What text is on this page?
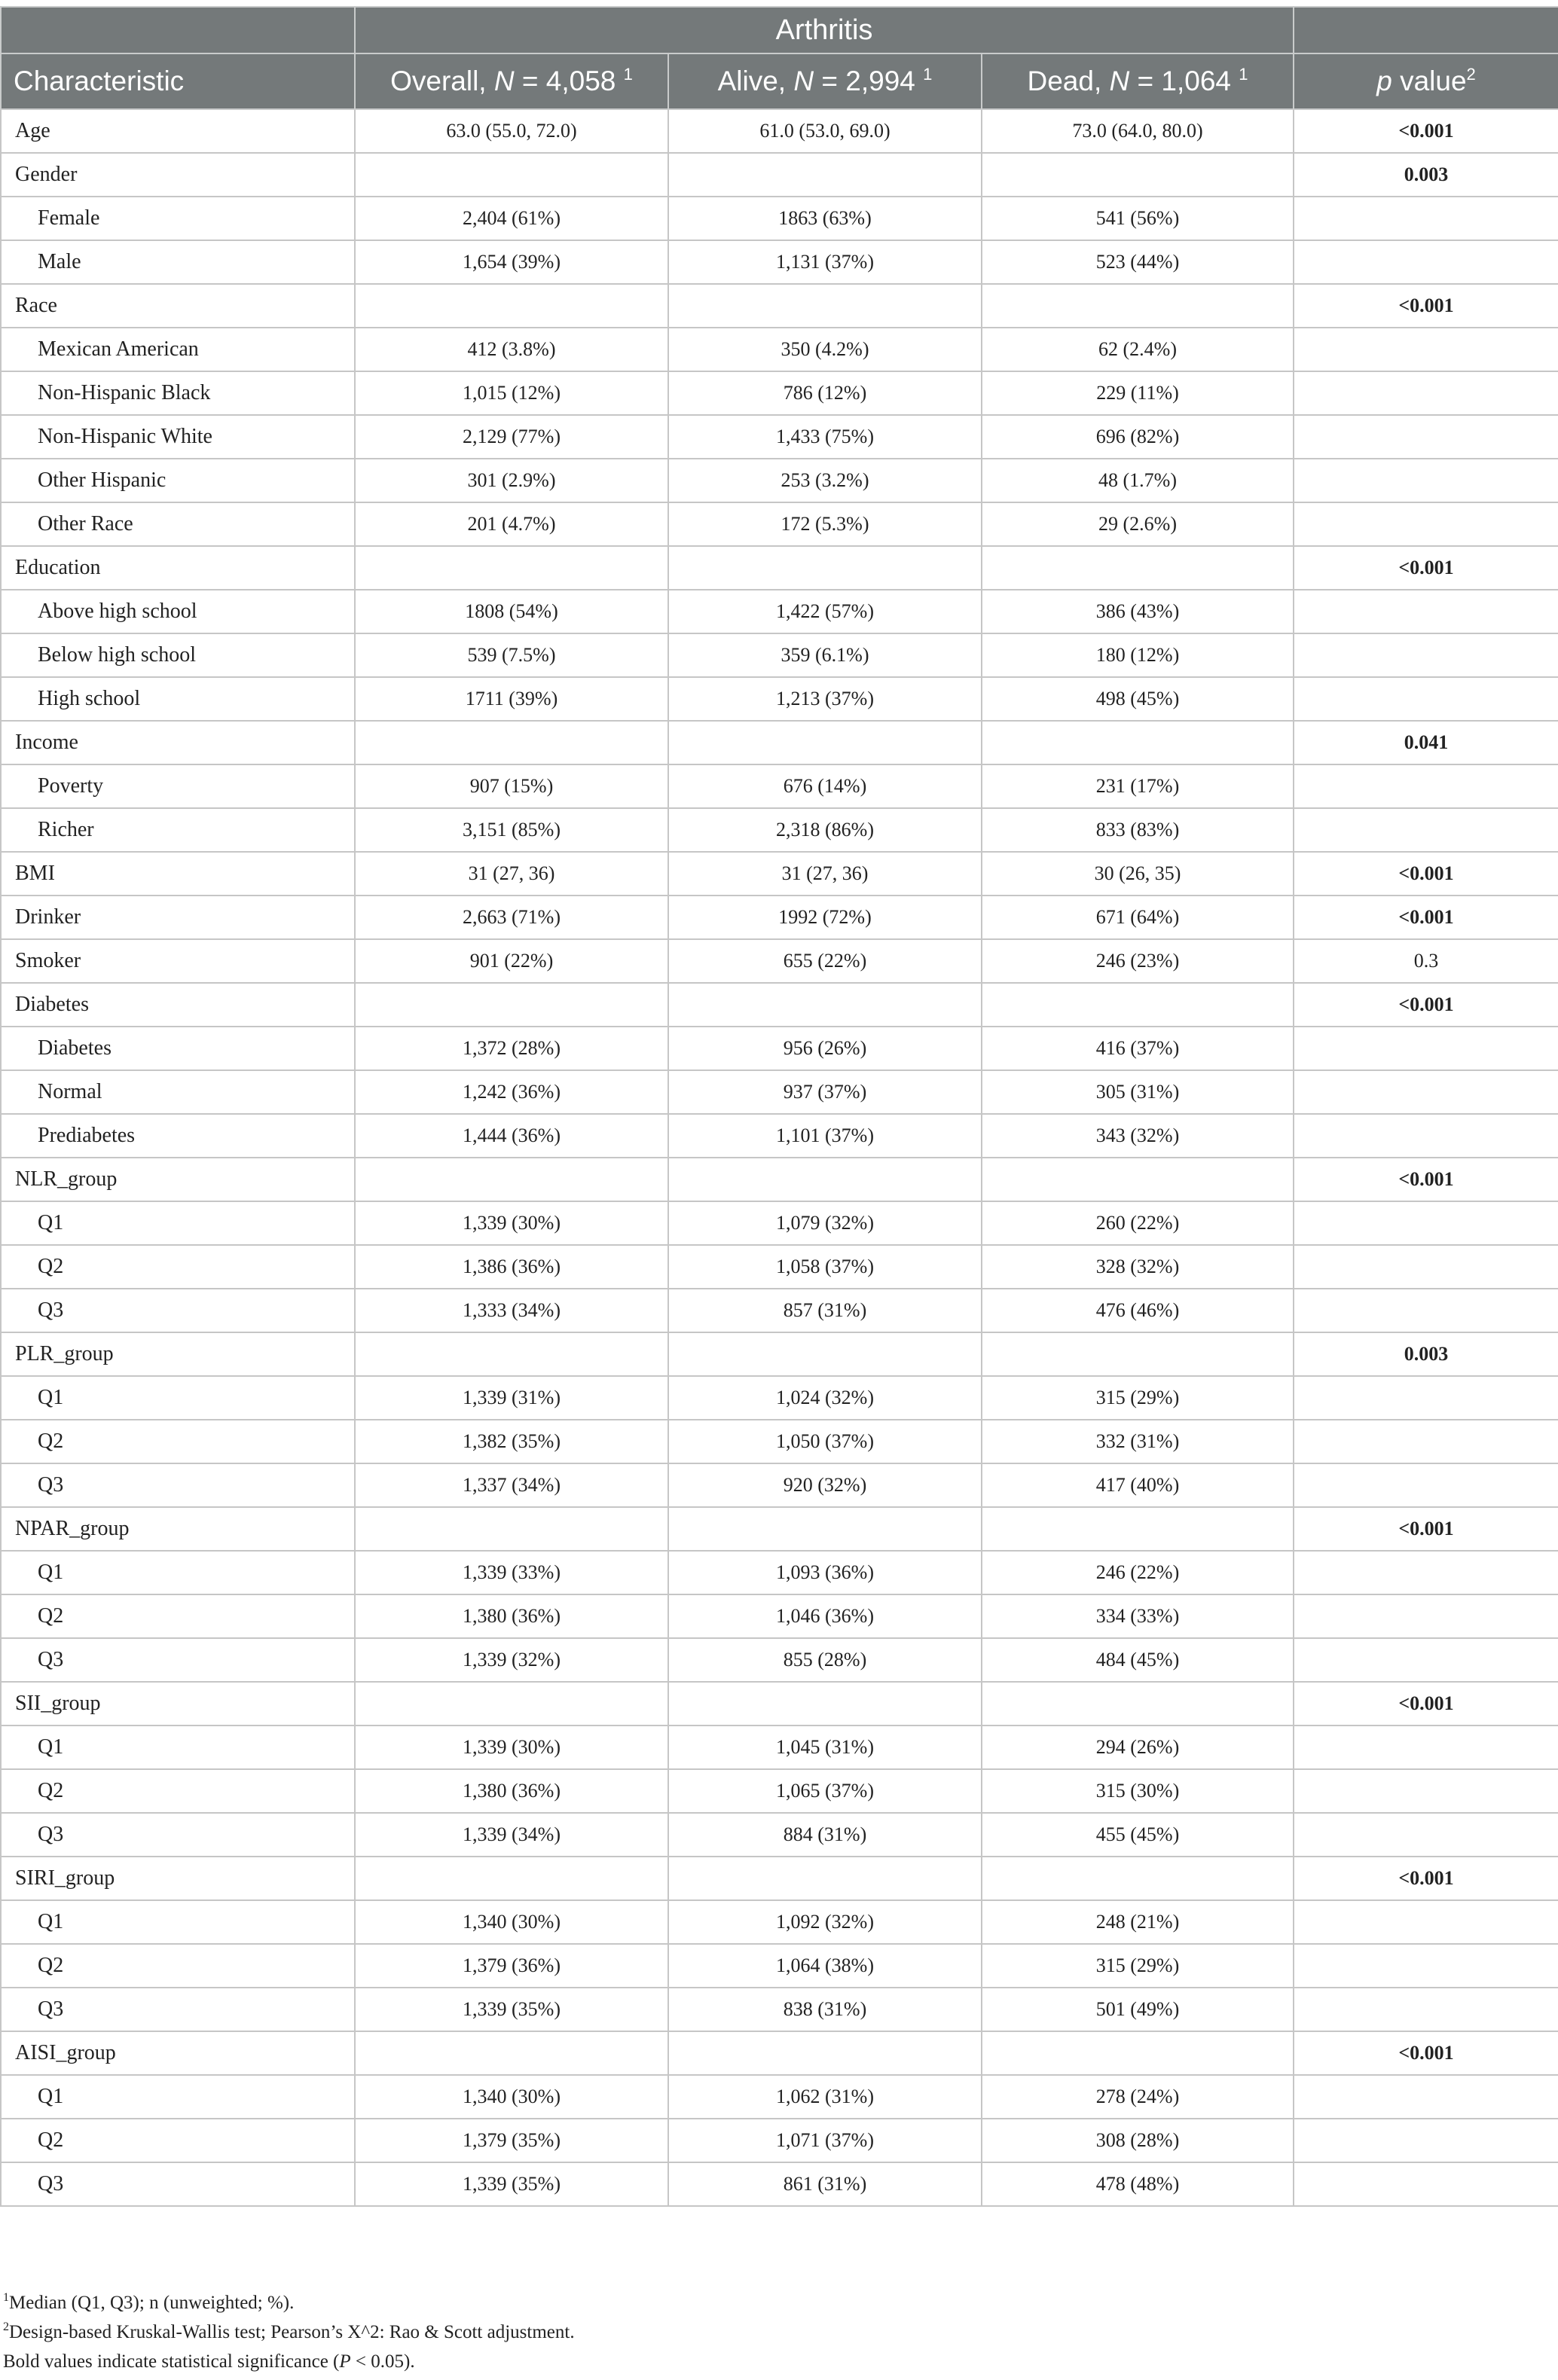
	Arthritis			
Characteristic	Overall, N = 4,058 $^1$	Alive, N = 2,994 $^1$	Dead, N = 1,064 $^1$	p value$^2$
Age	63.0 (55.0, 72.0)	61.0 (53.0, 69.0)	73.0 (64.0, 80.0)	<0.001
Gender				0.003
Female	2,404 (61%)	1863 (63%)	541 (56%)	
Male	1,654 (39%)	1,131 (37%)	523 (44%)	
Race				<0.001
Mexican American	412 (3.8%)	350 (4.2%)	62 (2.4%)	
Non-Hispanic Black	1,015 (12%)	786 (12%)	229 (11%)	
Non-Hispanic White	2,129 (77%)	1,433 (75%)	696 (82%)	
Other Hispanic	301 (2.9%)	253 (3.2%)	48 (1.7%)	
Other Race	201 (4.7%)	172 (5.3%)	29 (2.6%)	
Education				<0.001
Above high school	1808 (54%)	1,422 (57%)	386 (43%)	
Below high school	539 (7.5%)	359 (6.1%)	180 (12%)	
High school	1711 (39%)	1,213 (37%)	498 (45%)	
Income				0.041
Poverty	907 (15%)	676 (14%)	231 (17%)	
Richer	3,151 (85%)	2,318 (86%)	833 (83%)	
BMI	31 (27, 36)	31 (27, 36)	30 (26, 35)	<0.001
Drinker	2,663 (71%)	1992 (72%)	671 (64%)	<0.001
Smoker	901 (22%)	655 (22%)	246 (23%)	0.3
Diabetes				<0.001
Diabetes	1,372 (28%)	956 (26%)	416 (37%)	
Normal	1,242 (36%)	937 (37%)	305 (31%)	
Prediabetes	1,444 (36%)	1,101 (37%)	343 (32%)	
NLR_group				<0.001
Q1	1,339 (30%)	1,079 (32%)	260 (22%)	
Q2	1,386 (36%)	1,058 (37%)	328 (32%)	
Q3	1,333 (34%)	857 (31%)	476 (46%)	
PLR_group				0.003
Q1	1,339 (31%)	1,024 (32%)	315 (29%)	
Q2	1,382 (35%)	1,050 (37%)	332 (31%)	
Q3	1,337 (34%)	920 (32%)	417 (40%)	
NPAR_group				<0.001
Q1	1,339 (33%)	1,093 (36%)	246 (22%)	
Q2	1,380 (36%)	1,046 (36%)	334 (33%)	
Q3	1,339 (32%)	855 (28%)	484 (45%)	
SII_group				<0.001
Q1	1,339 (30%)	1,045 (31%)	294 (26%)	
Q2	1,380 (36%)	1,065 (37%)	315 (30%)	
Q3	1,339 (34%)	884 (31%)	455 (45%)	
SIRI_group				<0.001
Q1	1,340 (30%)	1,092 (32%)	248 (21%)	
Q2	1,379 (36%)	1,064 (38%)	315 (29%)	
Q3	1,339 (35%)	838 (31%)	501 (49%)	
AISI_group				<0.001
Q1	1,340 (30%)	1,062 (31%)	278 (24%)	
Q2	1,379 (35%)	1,071 (37%)	308 (28%)	
Q3	1,339 (35%)	861 (31%)	478 (48%)	
$^1$Median (Q1, Q3); n (unweighted; %).
$^2$Design-based Kruskal-Wallis test; Pearson’s X^2: Rao & Scott adjustment.
Bold values indicate statistical significance (P < 0.05).
